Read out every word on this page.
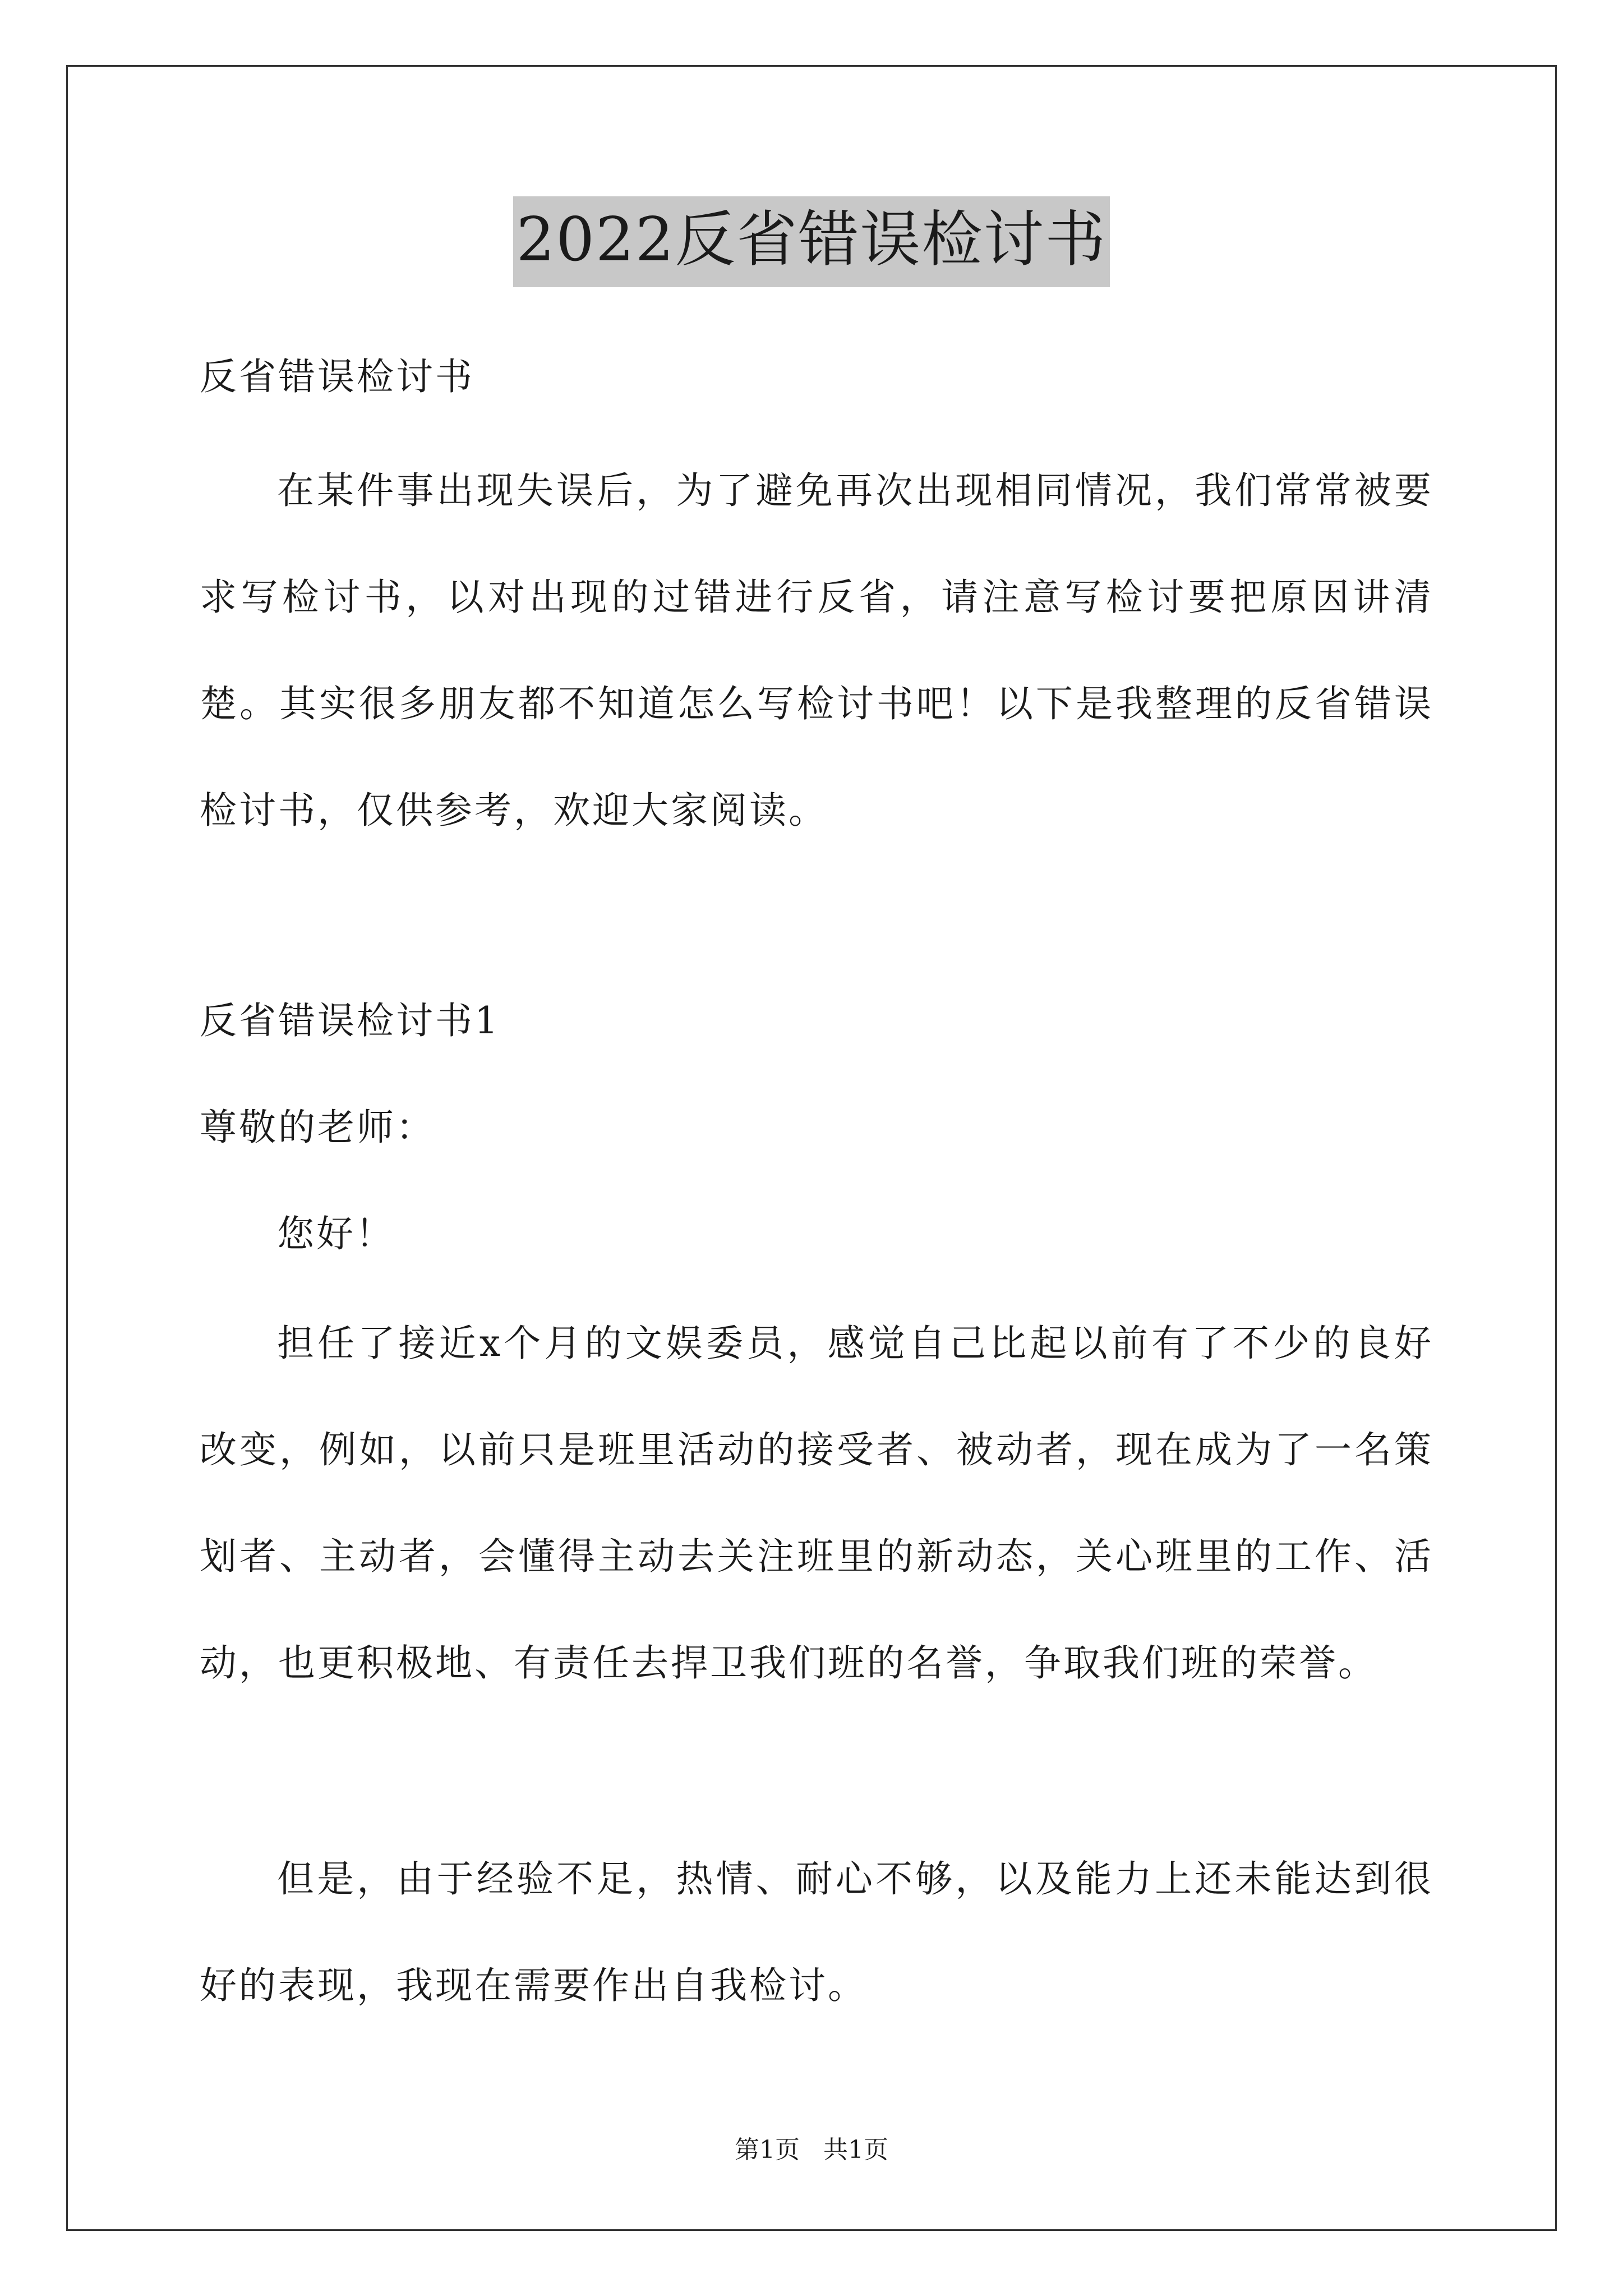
2022反省错误检讨书
反省错误检讨书
在某件事出现失误后，为了避免再次出现相同情况，我们常常被要求写检讨书，以对出现的过错进行反省，请注意写检讨要把原因讲清楚。其实很多朋友都不知道怎么写检讨书吧！以下是我整理的反省错误检讨书，仅供参考，欢迎大家阅读。
反省错误检讨书1
尊敬的老师：
您好！
担任了接近x个月的文娱委员，感觉自己比起以前有了不少的良好改变，例如，以前只是班里活动的接受者、被动者，现在成为了一名策划者、主动者，会懂得主动去关注班里的新动态，关心班里的工作、活动，也更积极地、有责任去捍卫我们班的名誉，争取我们班的荣誉。
但是，由于经验不足，热情、耐心不够，以及能力上还未能达到很好的表现，我现在需要作出自我检讨。
第1页   共1页
